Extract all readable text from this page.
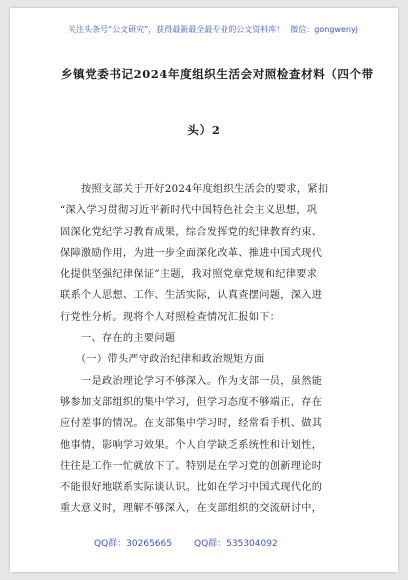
关注头条号“公文研究”，获得最新最全最专业的公文资料库！ 微信：gongwenyj
乡镇党委书记2024年度组织生活会对照检查材料（四个带
头）2
　　按照支部关于开好2024年度组织生活会的要求，紧扣
“深入学习贯彻习近平新时代中国特色社会主义思想，巩
固深化党纪学习教育成果，综合发挥党的纪律教育约束、
保障激励作用，为进一步全面深化改革、推进中国式现代
化提供坚强纪律保证”主题，我对照党章党规和纪律要求
联系个人思想、工作、生活实际，认真查摆问题，深入进
行党性分析。现将个人对照检查情况汇报如下：
　　一、存在的主要问题
　　（一）带头严守政治纪律和政治规矩方面
　　一是政治理论学习不够深入。作为支部一员，虽然能
够参加支部组织的集中学习，但学习态度不够端正，存在
应付差事的情况。在支部集中学习时，经常看手机、做其
他事情，影响学习效果。个人自学缺乏系统性和计划性，
往往是工作一忙就放下了。特别是在学习党的创新理论时
不能很好地联系实际谈认识。比如在学习中国式现代化的
重大意义时，理解不够深入，在支部组织的交流研讨中，
QQ群：30265665 QQ群：535304092
